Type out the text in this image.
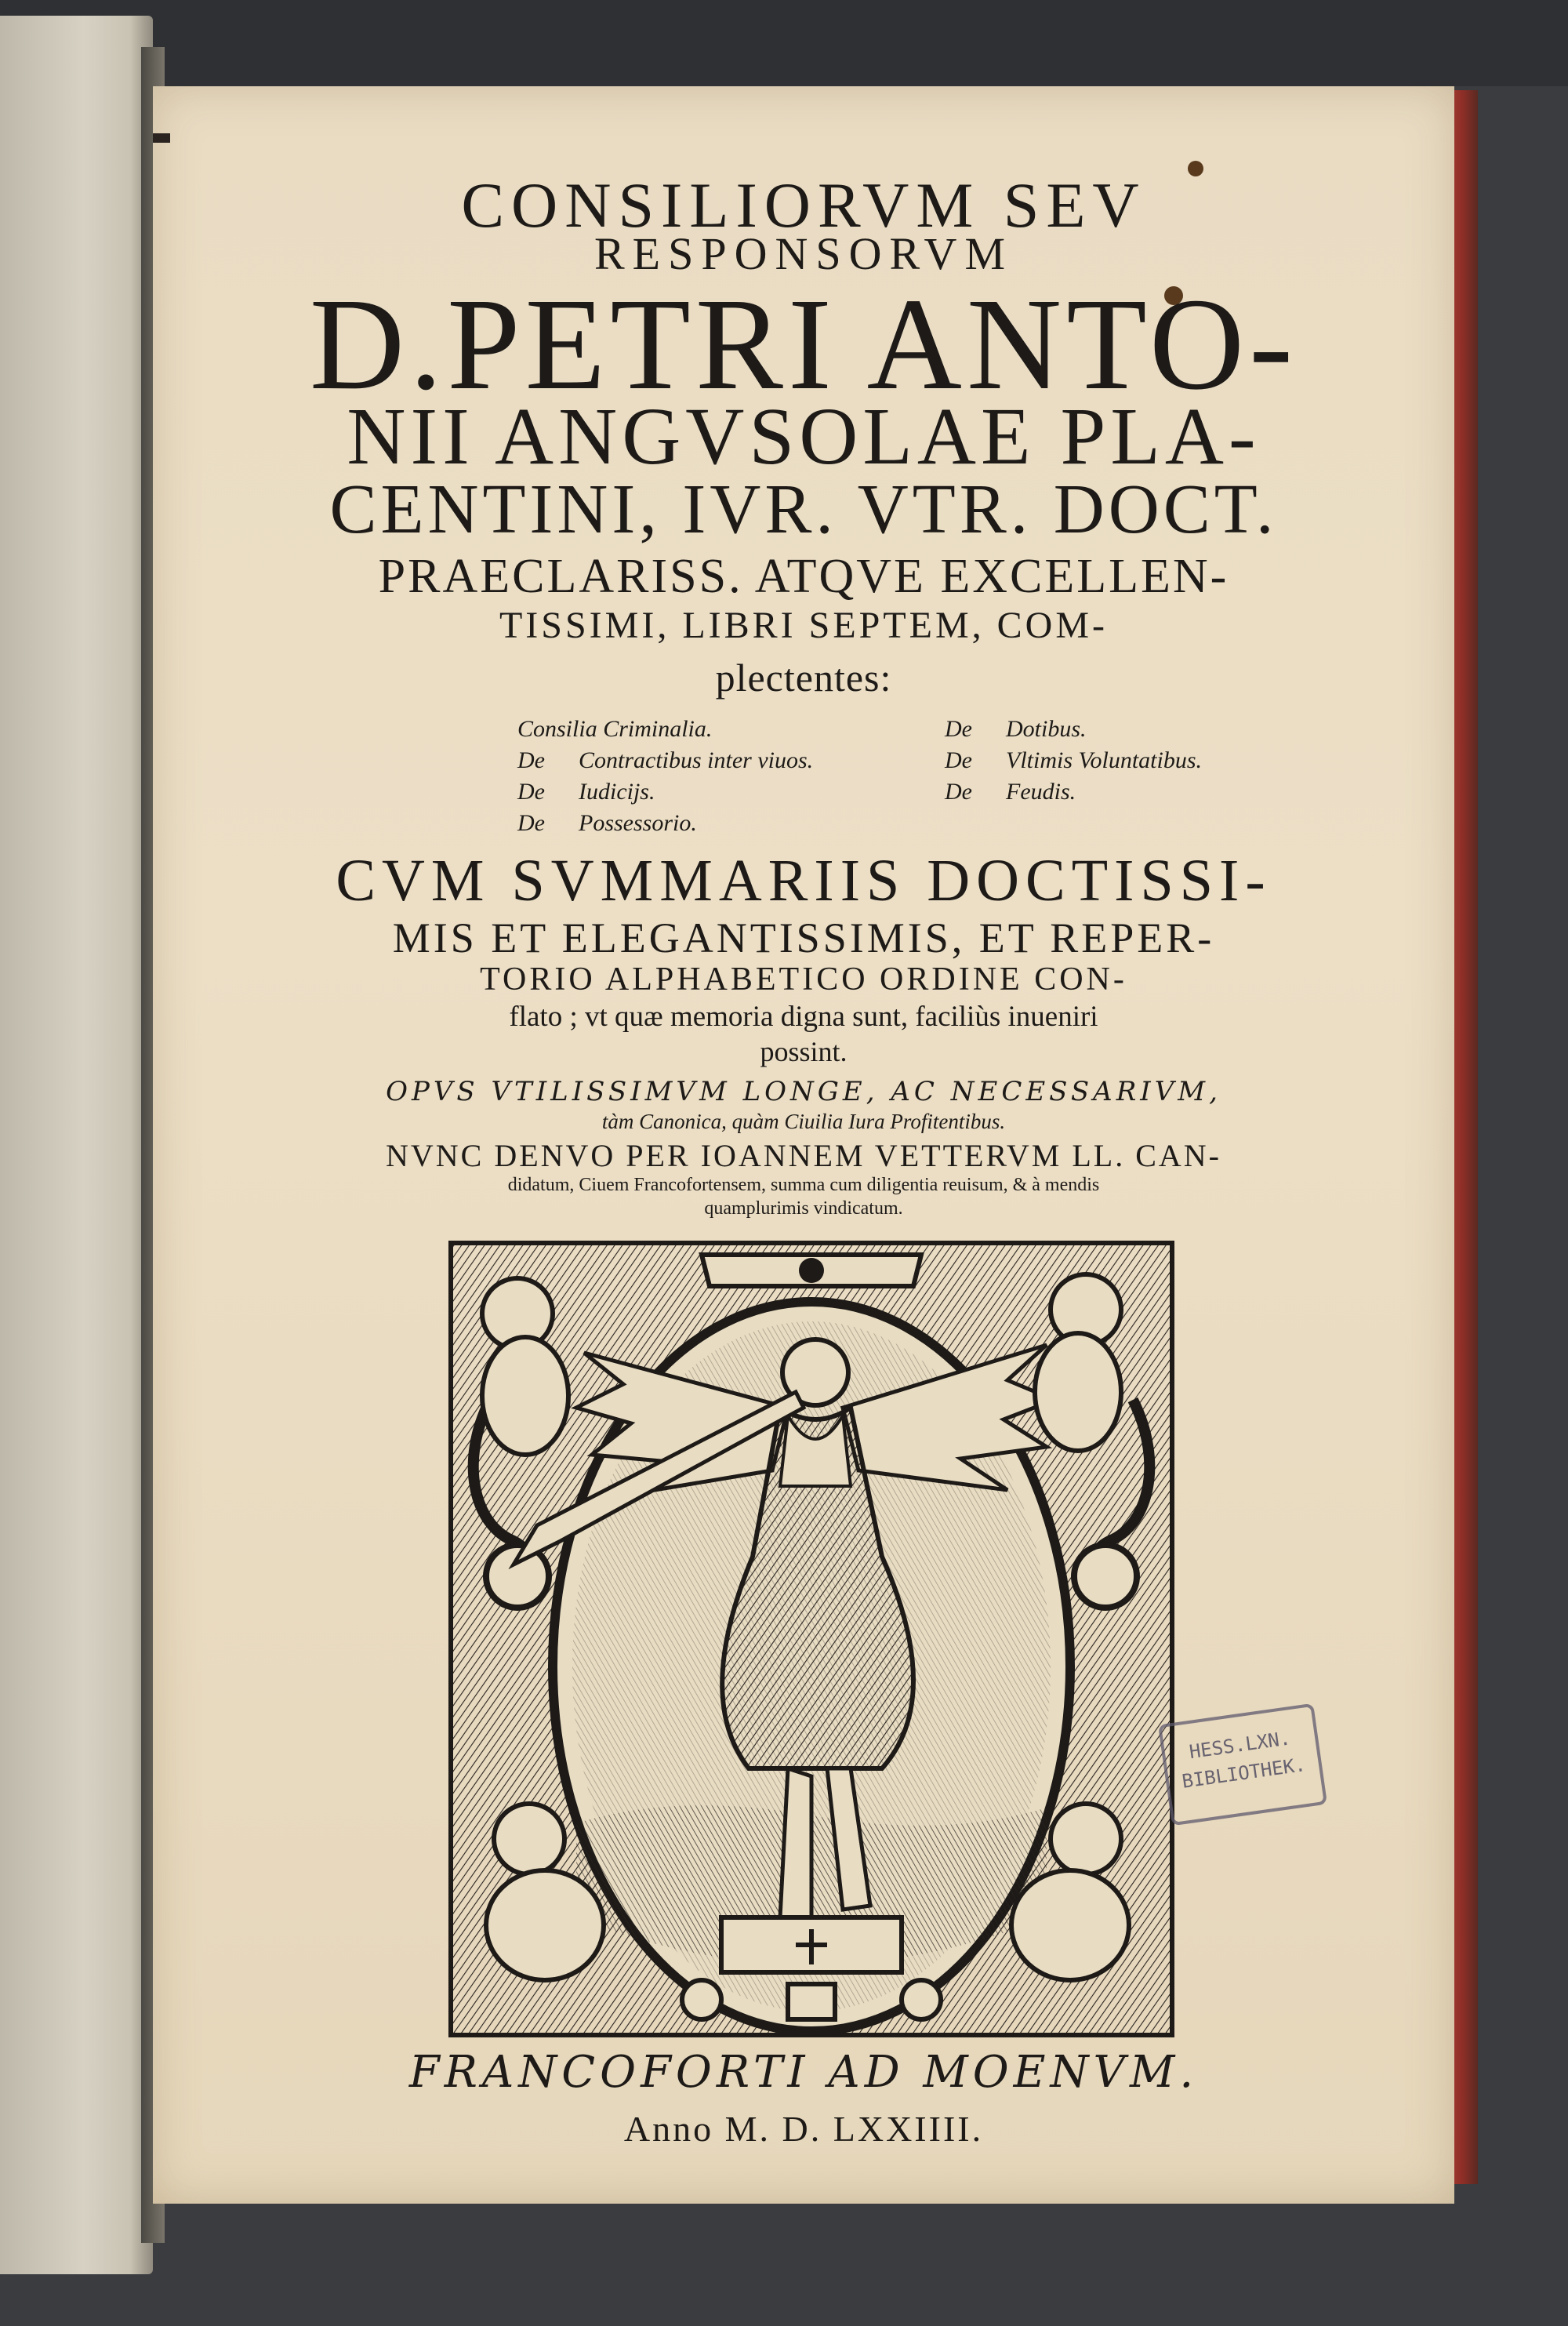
CONSILIORVM SEV
RESPONSORVM
D.PETRI ANTO-
NII ANGVSOLAE PLA-
CENTINI, IVR. VTR. DOCT.
PRAECLARISS. ATQVE EXCELLEN-
TISSIMI, LIBRI SEPTEM, COM-
plectentes:
Consilia Criminalia.
De Contractibus inter viuos.
De Iudicijs.
De Possessorio.
De Dotibus.
De Vltimis Voluntatibus.
De Feudis.
CVM SVMMARIIS DOCTISSI-
MIS ET ELEGANTISSIMIS, ET REPER-
TORIO ALPHABETICO ORDINE CON-
flato ; vt quæ memoria digna sunt, faciliùs inueniri
possint.
OPVS VTILISSIMVM LONGE, AC NECESSARIVM,
tàm Canonica, quàm Ciuilia Iura Profitentibus.
NVNC DENVO PER IOANNEM VETTERVM LL. CAN-
didatum, Ciuem Francofortensem, summa cum diligentia reuisum, & à mendis
quamplurimis vindicatum.
HESS.LXN.
BIBLIOTHEK.
FRANCOFORTI AD MOENVM.
Anno M. D. LXXIIII.
